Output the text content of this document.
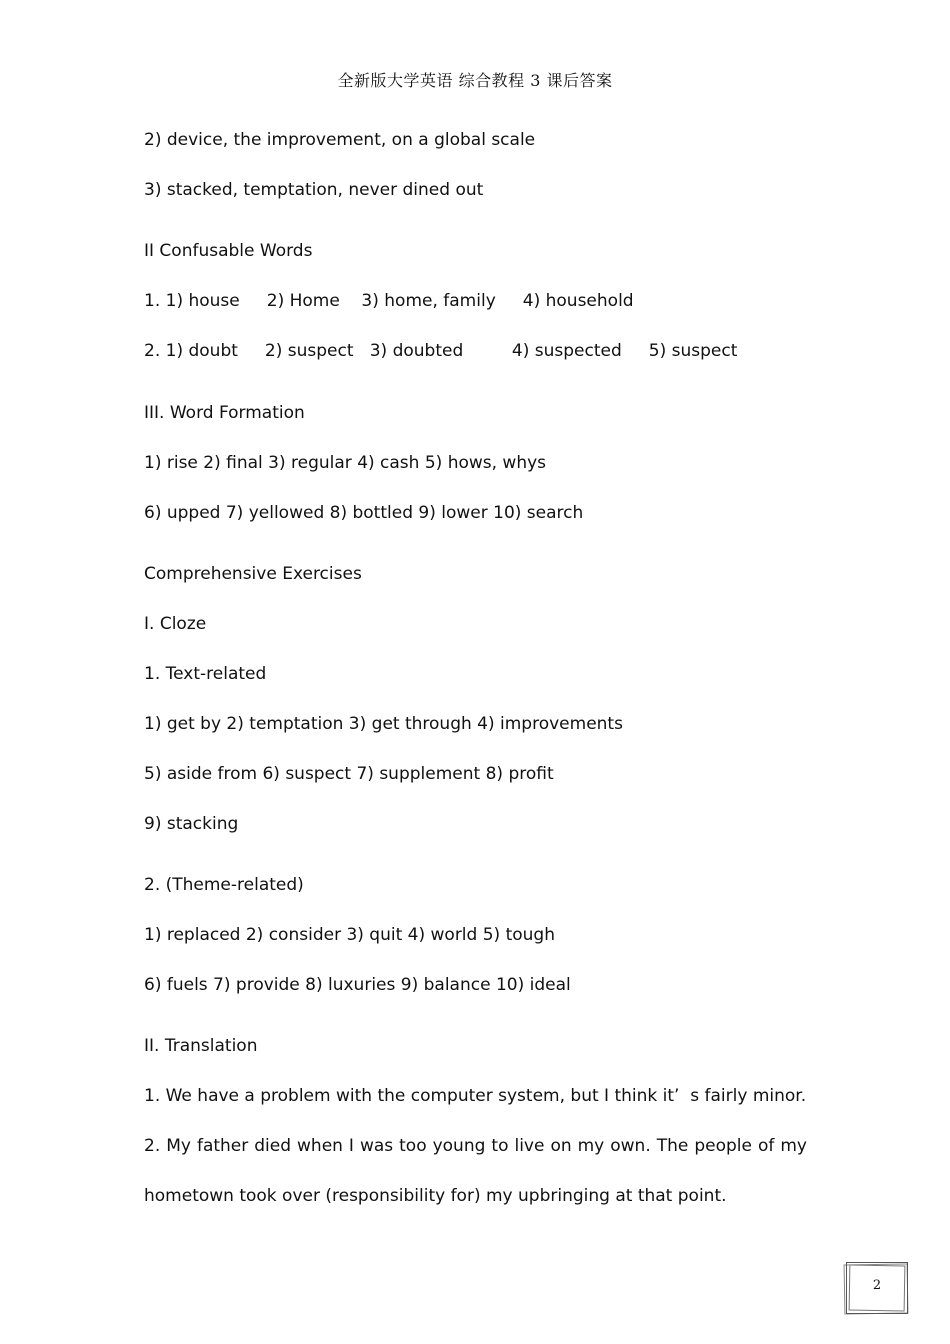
全新版大学英语 综合教程 3 课后答案
2) device, the improvement, on a global scale
3) stacked, temptation, never dined out
II Confusable Words
1. 1) house     2) Home    3) home, family     4) household
2. 1) doubt     2) suspect   3) doubted         4) suspected     5) suspect
III. Word Formation
1) rise 2) final 3) regular 4) cash 5) hows, whys
6) upped 7) yellowed 8) bottled 9) lower 10) search
Comprehensive Exercises
I. Cloze
1. Text-related
1) get by 2) temptation 3) get through 4) improvements
5) aside from 6) suspect 7) supplement 8) profit
9) stacking
2. (Theme-related)
1) replaced 2) consider 3) quit 4) world 5) tough
6) fuels 7) provide 8) luxuries 9) balance 10) ideal
II. Translation
1. We have a problem with the computer system, but I think it’  s fairly minor.
2. My father died when I was too young to live on my own. The people of my
hometown took over (responsibility for) my upbringing at that point.
2
